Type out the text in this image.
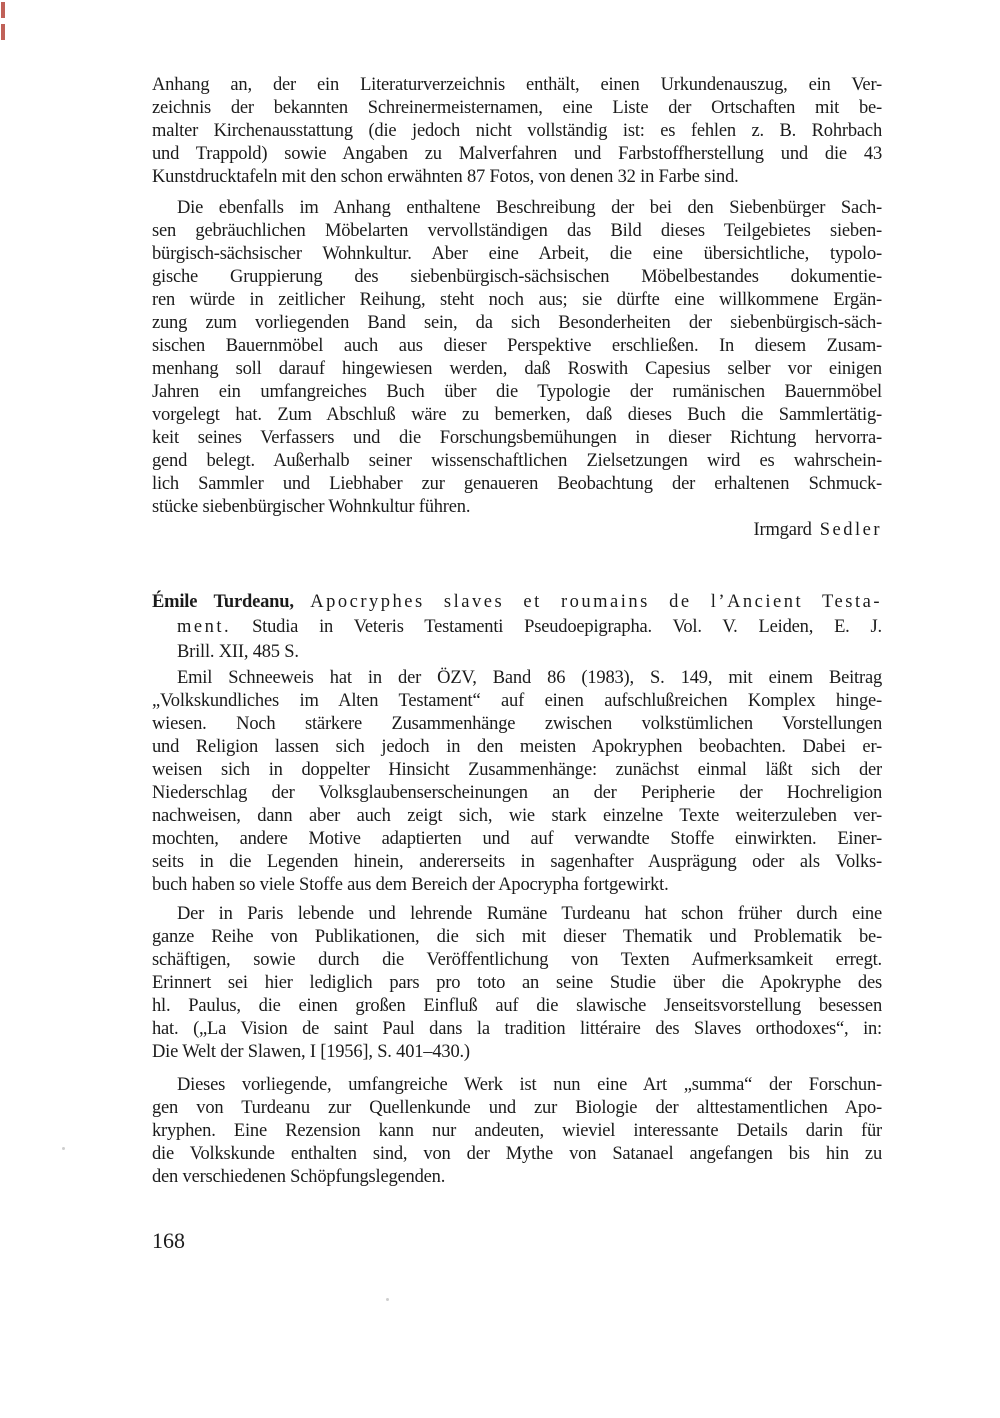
Anhang an, der ein Literaturverzeichnis enthält, einen Urkundenauszug, ein Ver-
zeichnis der bekannten Schreinermeisternamen, eine Liste der Ortschaften mit be-
malter Kirchenausstattung (die jedoch nicht vollständig ist: es fehlen z. B. Rohrbach
und Trappold) sowie Angaben zu Malverfahren und Farbstoffherstellung und die 43
Kunstdrucktafeln mit den schon erwähnten 87 Fotos, von denen 32 in Farbe sind.
Die ebenfalls im Anhang enthaltene Beschreibung der bei den Siebenbürger Sach-
sen gebräuchlichen Möbelarten vervollständigen das Bild dieses Teilgebietes sieben-
bürgisch-sächsischer Wohnkultur. Aber eine Arbeit, die eine übersichtliche, typolo-
gische Gruppierung des siebenbürgisch-sächsischen Möbelbestandes dokumentie-
ren würde in zeitlicher Reihung, steht noch aus; sie dürfte eine willkommene Ergän-
zung zum vorliegenden Band sein, da sich Besonderheiten der siebenbürgisch-säch-
sischen Bauernmöbel auch aus dieser Perspektive erschließen. In diesem Zusam-
menhang soll darauf hingewiesen werden, daß Roswith Capesius selber vor einigen
Jahren ein umfangreiches Buch über die Typologie der rumänischen Bauernmöbel
vorgelegt hat. Zum Abschluß wäre zu bemerken, daß dieses Buch die Sammlertätig-
keit seines Verfassers und die Forschungsbemühungen in dieser Richtung hervorra-
gend belegt. Außerhalb seiner wissenschaftlichen Zielsetzungen wird es wahrschein-
lich Sammler und Liebhaber zur genaueren Beobachtung der erhaltenen Schmuck-
stücke siebenbürgischer Wohnkultur führen.
Irmgard Sedler
Émile Turdeanu, Apocryphes slaves et roumains de l’Ancient Testa-
ment. Studia in Veteris Testamenti Pseudoepigrapha. Vol. V. Leiden, E. J.
Brill. XII, 485 S.
Emil Schneeweis hat in der ÖZV, Band 86 (1983), S. 149, mit einem Beitrag
„Volkskundliches im Alten Testament“ auf einen aufschlußreichen Komplex hinge-
wiesen. Noch stärkere Zusammenhänge zwischen volkstümlichen Vorstellungen
und Religion lassen sich jedoch in den meisten Apokryphen beobachten. Dabei er-
weisen sich in doppelter Hinsicht Zusammenhänge: zunächst einmal läßt sich der
Niederschlag der Volksglaubenserscheinungen an der Peripherie der Hochreligion
nachweisen, dann aber auch zeigt sich, wie stark einzelne Texte weiterzuleben ver-
mochten, andere Motive adaptierten und auf verwandte Stoffe einwirkten. Einer-
seits in die Legenden hinein, andererseits in sagenhafter Ausprägung oder als Volks-
buch haben so viele Stoffe aus dem Bereich der Apocrypha fortgewirkt.
Der in Paris lebende und lehrende Rumäne Turdeanu hat schon früher durch eine
ganze Reihe von Publikationen, die sich mit dieser Thematik und Problematik be-
schäftigen, sowie durch die Veröffentlichung von Texten Aufmerksamkeit erregt.
Erinnert sei hier lediglich pars pro toto an seine Studie über die Apokryphe des
hl. Paulus, die einen großen Einfluß auf die slawische Jenseitsvorstellung besessen
hat. („La Vision de saint Paul dans la tradition littéraire des Slaves orthodoxes“, in:
Die Welt der Slawen, I [1956], S. 401–430.)
Dieses vorliegende, umfangreiche Werk ist nun eine Art „summa“ der Forschun-
gen von Turdeanu zur Quellenkunde und zur Biologie der alttestamentlichen Apo-
kryphen. Eine Rezension kann nur andeuten, wieviel interessante Details darin für
die Volkskunde enthalten sind, von der Mythe von Satanael angefangen bis hin zu
den verschiedenen Schöpfungslegenden.
168
